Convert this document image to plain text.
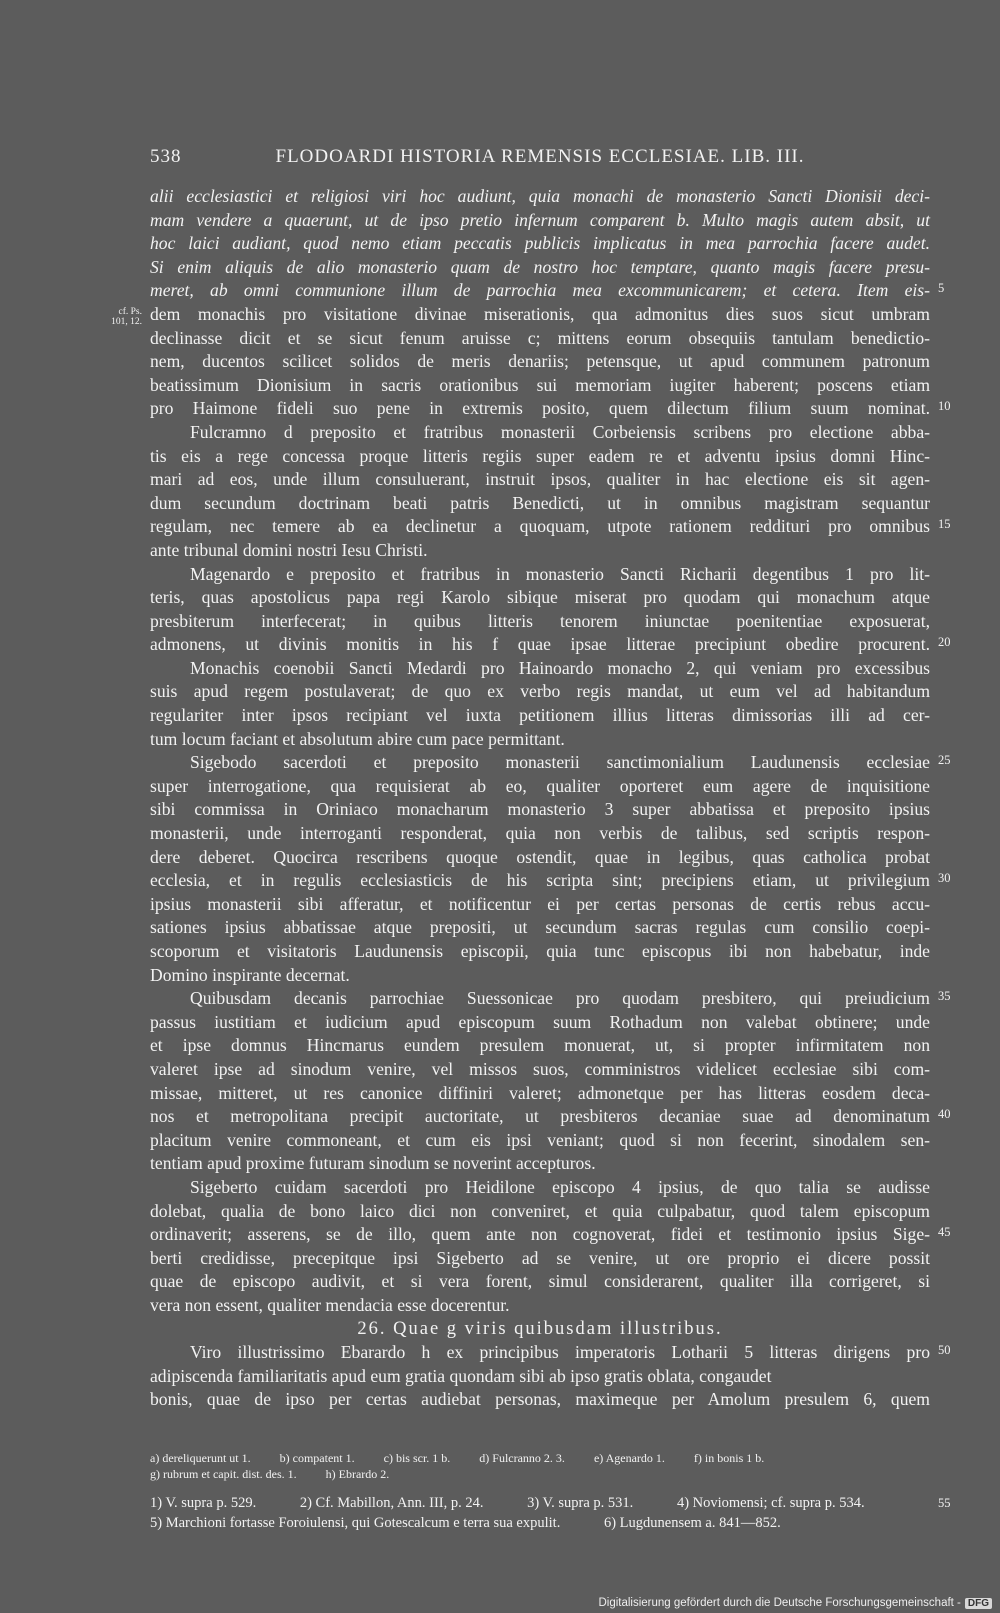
538	FLODOARDI HISTORIA REMENSIS ECCLESIAE. LIB. III.
alii ecclesiastici et religiosi viri hoc audiunt, quia monachi de monasterio Sancti Dionisii deci-
mam vendere a quaerunt, ut de ipso pretio infernum comparent b. Multo magis autem absit, ut
hoc laici audiant, quod nemo etiam peccatis publicis implicatus in mea parrochia facere audet.
Si enim aliquis de alio monasterio quam de nostro hoc temptare, quanto magis facere presu-
meret, ab omni communione illum de parrochia mea excommunicarem; et cetera. Item eis- 5
dem monachis pro visitatione divinae miserationis, qua admonitus dies suos sicut umbram
cf. Ps. 101, 12.
declinasse dicit et se sicut fenum aruisse c; mittens eorum obsequiis tantulam benedictio-
nem, ducentos scilicet solidos de meris denariis; petensque, ut apud communem patronum
beatissimum Dionisium in sacris orationibus sui memoriam iugiter haberent; poscens etiam
pro Haimone fideli suo pene in extremis posito, quem dilectum filium suum nominat. 10
Fulcramno d preposito et fratribus monasterii Corbeiensis scribens pro electione abba-
tis eis a rege concessa proque litteris regiis super eadem re et adventu ipsius domni Hinc-
mari ad eos, unde illum consuluerant, instruit ipsos, qualiter in hac electione eis sit agen-
dum secundum doctrinam beati patris Benedicti, ut in omnibus magistram sequantur
regulam, nec temere ab ea declinetur a quoquam, utpote rationem reddituri pro omnibus 15
ante tribunal domini nostri Iesu Christi.
Magenardo e preposito et fratribus in monasterio Sancti Richarii degentibus 1 pro lit-
teris, quas apostolicus papa regi Karolo sibique miserat pro quodam qui monachum atque
presbiterum interfecerat; in quibus litteris tenorem iniunctae poenitentiae exposuerat,
admonens, ut divinis monitis in his f quae ipsae litterae precipiunt obedire procurent. 20
Monachis coenobii Sancti Medardi pro Hainoardo monacho 2, qui veniam pro excessibus
suis apud regem postulaverat; de quo ex verbo regis mandat, ut eum vel ad habitandum
regulariter inter ipsos recipiant vel iuxta petitionem illius litteras dimissorias illi ad cer-
tum locum faciant et absolutum abire cum pace permittant.
Sigebodo sacerdoti et preposito monasterii sanctimonialium Laudunensis ecclesiae 25
super interrogatione, qua requisierat ab eo, qualiter oporteret eum agere de inquisitione
sibi commissa in Oriniaco monacharum monasterio 3 super abbatissa et preposito ipsius
monasterii, unde interroganti responderat, quia non verbis de talibus, sed scriptis respon-
dere deberet. Quocirca rescribens quoque ostendit, quae in legibus, quas catholica probat
ecclesia, et in regulis ecclesiasticis de his scripta sint; precipiens etiam, ut privilegium 30
ipsius monasterii sibi afferatur, et notificentur ei per certas personas de certis rebus accu-
sationes ipsius abbatissae atque prepositi, ut secundum sacras regulas cum consilio coepi-
scoporum et visitatoris Laudunensis episcopii, quia tunc episcopus ibi non habebatur, inde
Domino inspirante decernat.
Quibusdam decanis parrochiae Suessonicae pro quodam presbitero, qui preiudicium 35
passus iustitiam et iudicium apud episcopum suum Rothadum non valebat obtinere; unde
et ipse domnus Hincmarus eundem presulem monuerat, ut, si propter infirmitatem non
valeret ipse ad sinodum venire, vel missos suos, comministros videlicet ecclesiae sibi com-
missae, mitteret, ut res canonice diffiniri valeret; admonetque per has litteras eosdem deca-
nos et metropolitana precipit auctoritate, ut presbiteros decaniae suae ad denominatum 40
placitum venire commoneant, et cum eis ipsi veniant; quod si non fecerint, sinodalem sen-
tentiam apud proxime futuram sinodum se noverint accepturos.
Sigeberto cuidam sacerdoti pro Heidilone episcopo 4 ipsius, de quo talia se audisse
dolebat, qualia de bono laico dici non conveniret, et quia culpabatur, quod talem episcopum
ordinaverit; asserens, se de illo, quem ante non cognoverat, fidei et testimonio ipsius Sige- 45
berti credidisse, precepitque ipsi Sigeberto ad se venire, ut ore proprio ei dicere possit
quae de episcopo audivit, et si vera forent, simul considerarent, qualiter illa corrigeret, si
vera non essent, qualiter mendacia esse docerentur.
26. Quae g viris quibusdam illustribus.
Viro illustrissimo Ebarardo h ex principibus imperatoris Lotharii 5 litteras dirigens pro 50
adipiscenda familiaritatis apud eum gratia quondam sibi ab ipso gratis oblata, congaudet
bonis, quae de ipso per certas audiebat personas, maximeque per Amolum presulem 6, quem
a) dereliquerunt ut 1. b) compatent 1. c) bis scr. 1 b. d) Fulcranno 2. 3. e) Agenardo 1. f) in bonis 1 b.
g) rubrum et capit. dist. des. 1. h) Ebrardo 2.
1) V. supra p. 529.	2) Cf. Mabillon, Ann. III, p. 24.	3) V. supra p. 531.	4) Noviomensi; cf. supra p. 534.	55
5) Marchioni fortasse Foroiulensi, qui Gotescalcum e terra sua expulit.	6) Lugdunensem a. 841—852.
Digitalisierung gefördert durch die Deutsche Forschungsgemeinschaft - DFG
